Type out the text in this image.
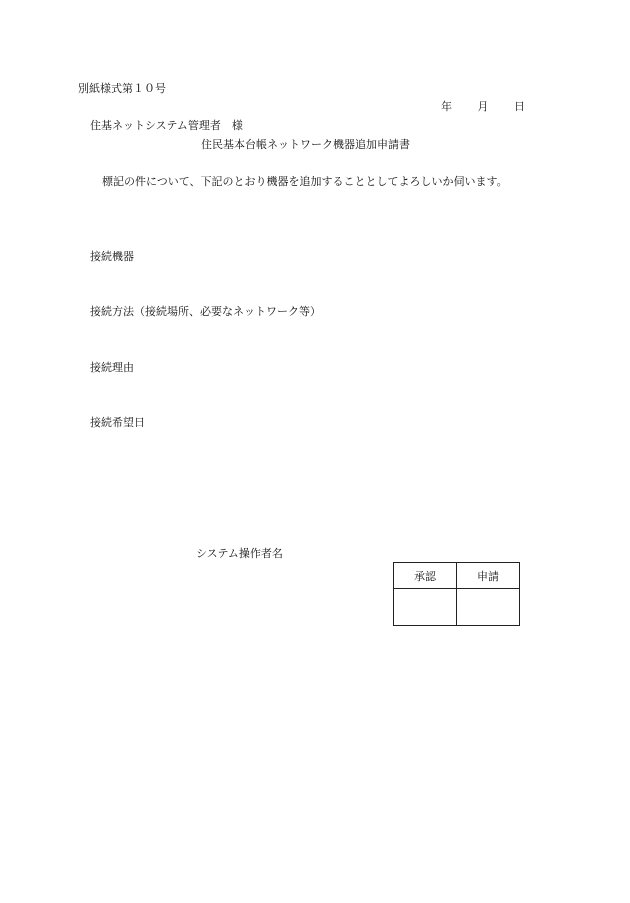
別紙様式第１０号
年 月 日
住基ネットシステム管理者　様
住民基本台帳ネットワーク機器追加申請書
標記の件について、下記のとおり機器を追加することとしてよろしいか伺います。
接続機器
接続方法（接続場所、必要なネットワーク等）
接続理由
接続希望日
システム操作者名
承認	申請
